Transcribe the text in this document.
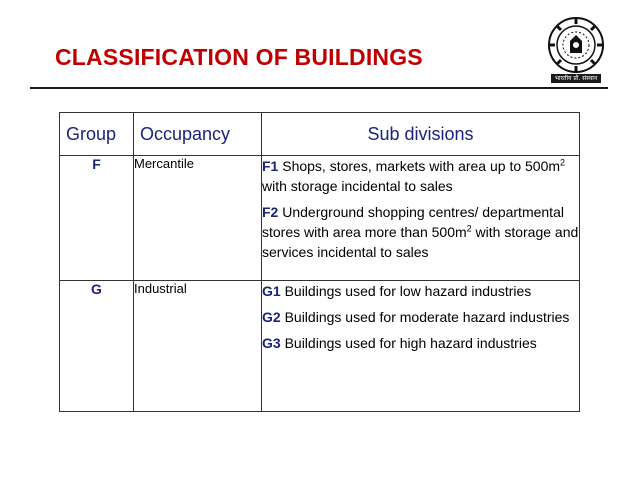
CLASSIFICATION OF BUILDINGS
भारतीय प्रौ. संस्थान
Group	Occupancy	Sub divisions
F	Mercantile	F1 Shops, stores, markets with area up to $500m^2$ with storage incidental to sales
F2 Underground shopping centres/ departmental stores with area more than $500m^2$ with storage and services incidental to sales

G	Industrial	G1 Buildings used for low hazard industries
G2 Buildings used for moderate hazard industries
G3 Buildings used for high hazard industries
